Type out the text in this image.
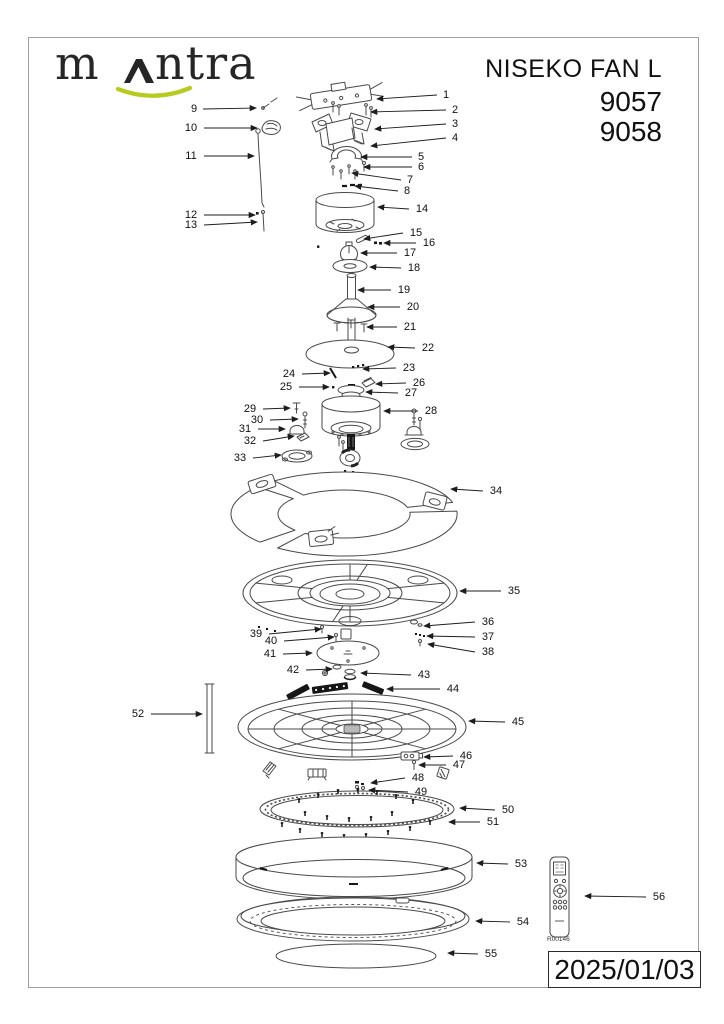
m ntra	NISEKO FAN L
9057
9058
1
2
3
4
5
6
7
8
9
10
11
12
13
14
15
16
17
18
19
20
21
22
23
24
25	26
27
28
29
30
31
32
33
34
35
36
37
38
39
40
41
42	43
44
45
46
47
48
49
50
51
52
53
54
55
56
R00146
2025/01/03
